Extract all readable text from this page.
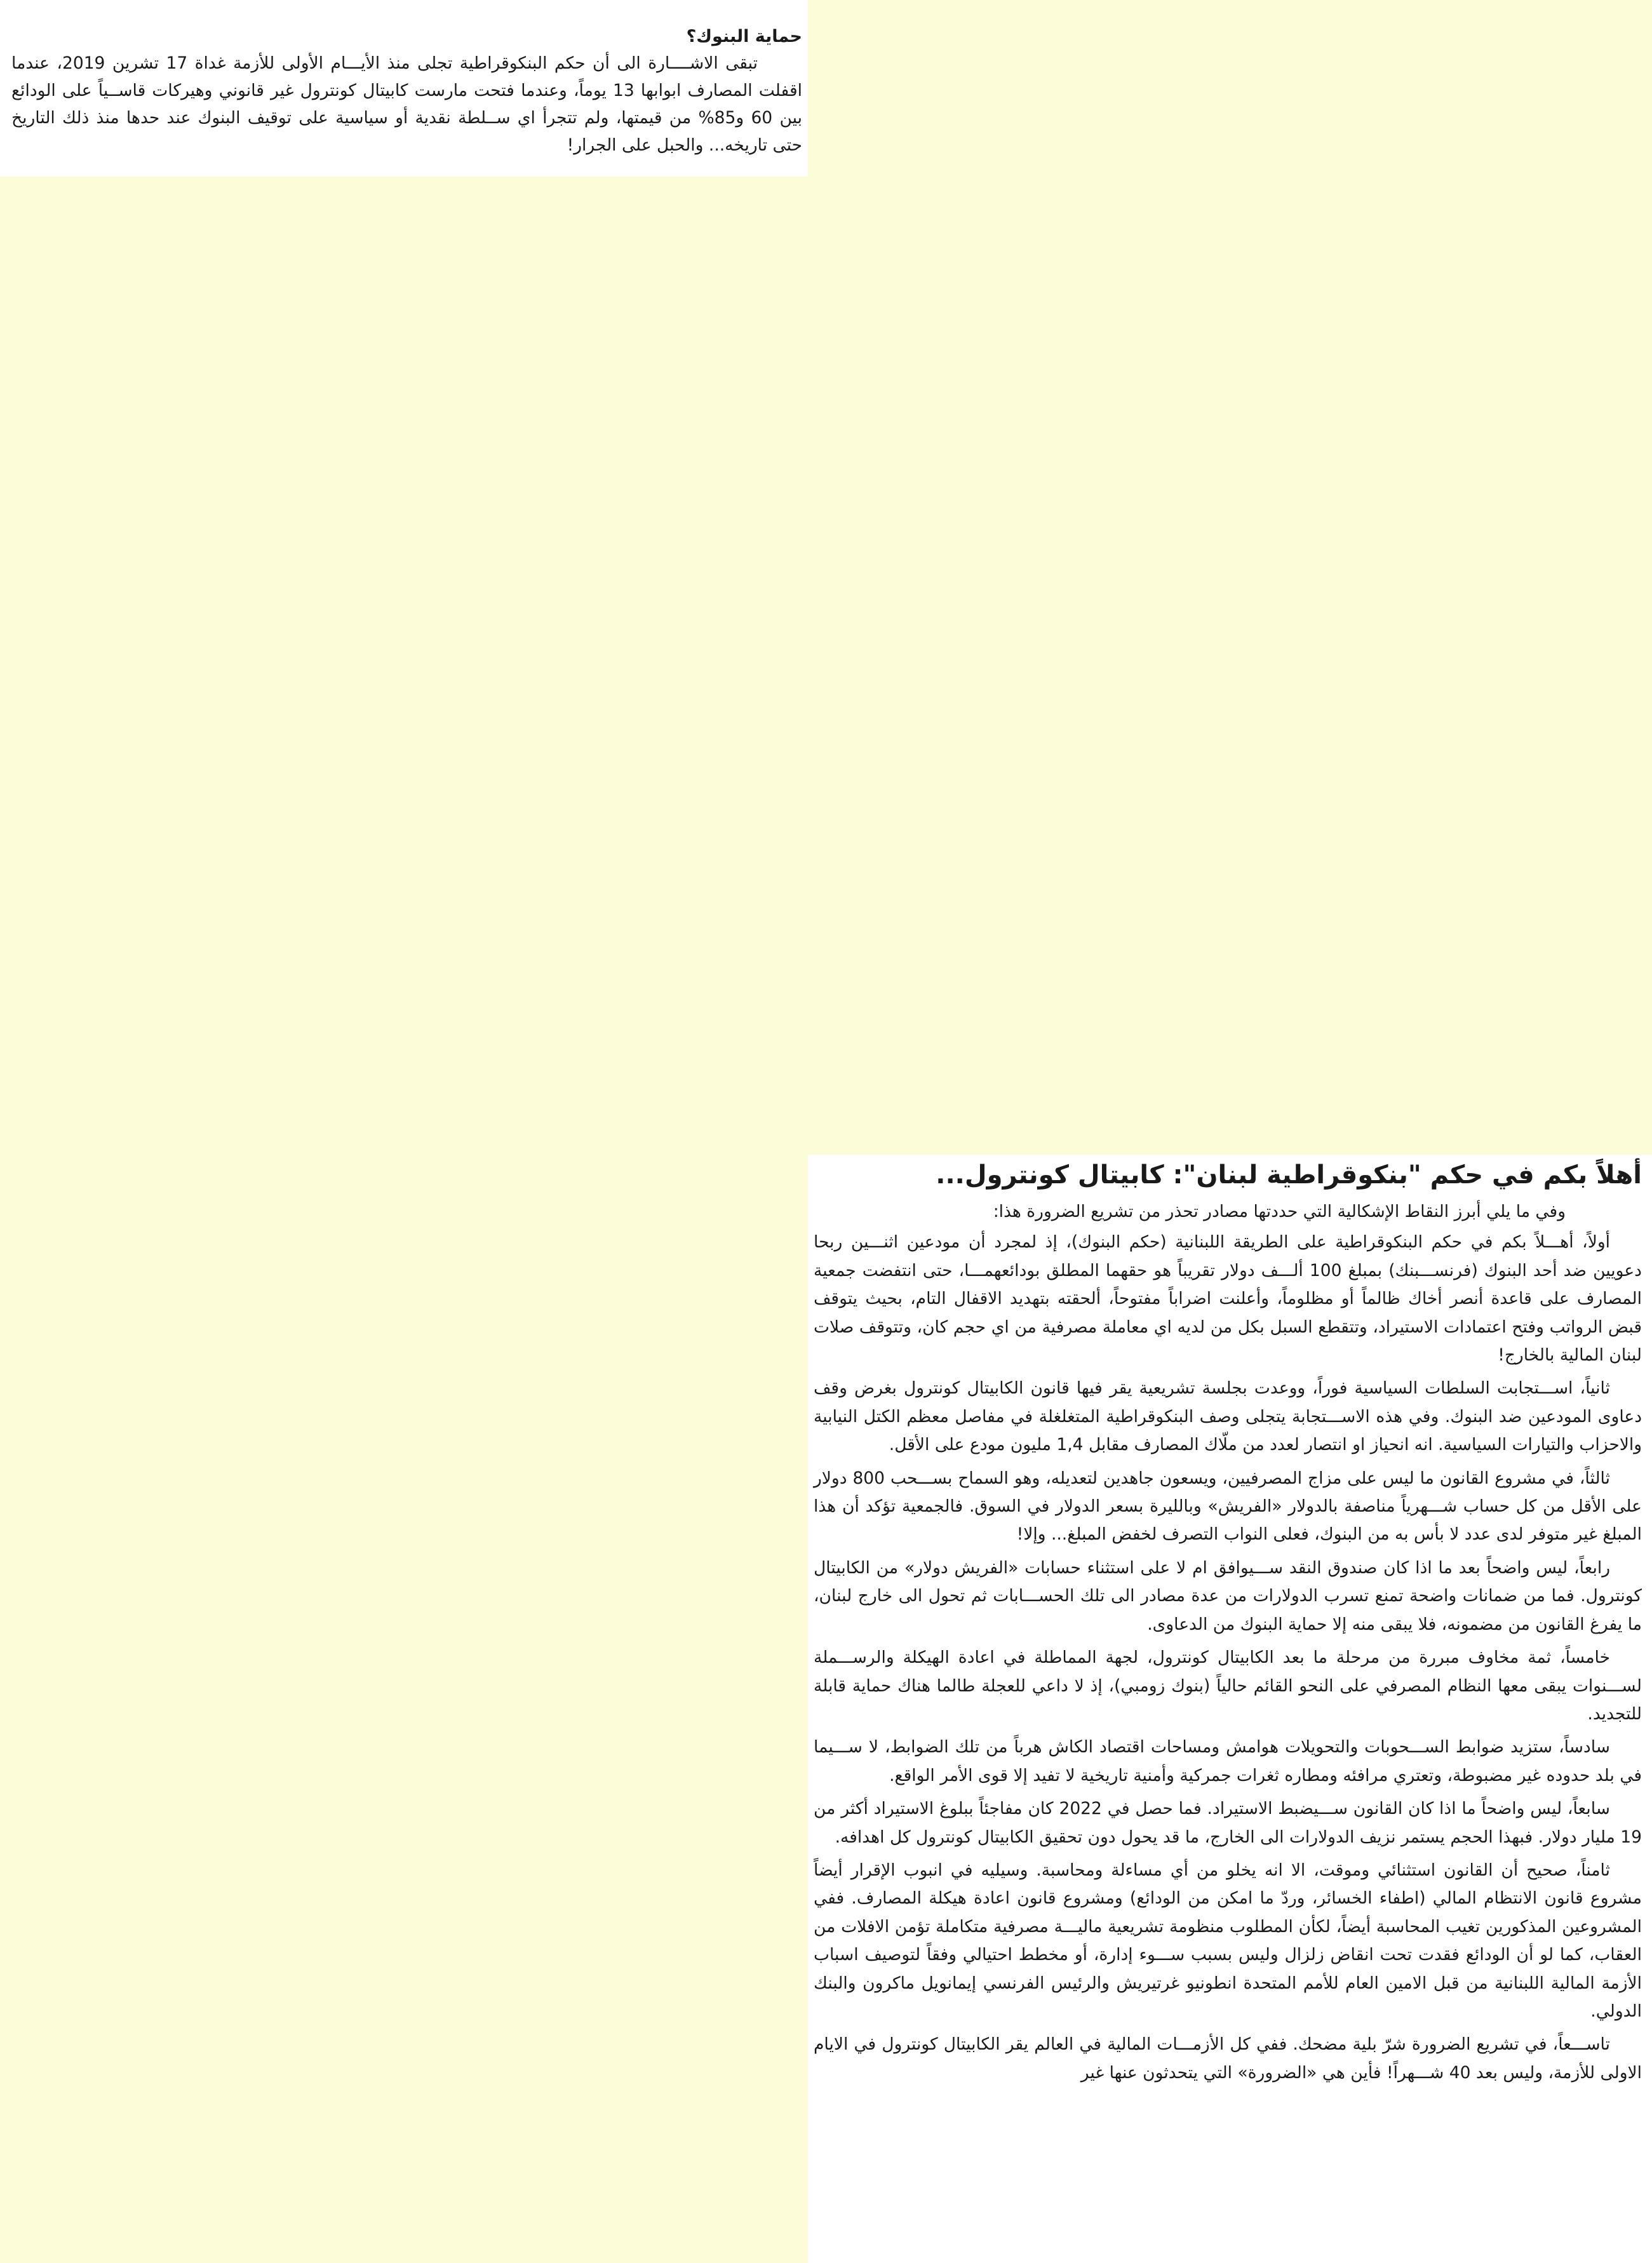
حماية البنوك؟

تبقى الاشــــارة الى أن حكم البنكوقراطية تجلى منذ الأيـــام الأولى للأزمة غداة 17 تشرين 2019، عندما اقفلت المصارف ابوابها 13 يوماً، وعندما فتحت مارست كابيتال كونترول غير قانوني وهيركات قاســياً على الودائع بين 60 و85% من قيمتها، ولم تتجرأ اي ســلطة نقدية أو سياسية على توقيف البنوك عند حدها منذ ذلك التاريخ حتى تاريخه... والحبل على الجرار!

أهلاً بكم في حكم "بنكوقراطية لبنان": كابيتال كونترول...

وفي ما يلي أبرز النقاط الإشكالية التي حددتها مصادر تحذر من تشريع الضرورة هذا:

أولاً، أهـــلاً بكم في حكم البنكوقراطية على الطريقة اللبنانية (حكم البنوك)، إذ لمجرد أن مودعين اثنـــين ربحا دعويين ضد أحد البنوك (فرنســـبنك) بمبلغ 100 ألـــف دولار تقريباً هو حقهما المطلق بودائعهمـــا، حتى انتفضت جمعية المصارف على قاعدة أنصر أخاك ظالماً أو مظلوماً، وأعلنت اضراباً مفتوحاً، ألحقته بتهديد الاقفال التام، بحيث يتوقف قبض الرواتب وفتح اعتمادات الاستيراد، وتتقطع السبل بكل من لديه اي معاملة مصرفية من اي حجم كان، وتتوقف صلات لبنان المالية بالخارج!

ثانياً، اســـتجابت السلطات السياسية فوراً، ووعدت بجلسة تشريعية يقر فيها قانون الكابيتال كونترول بغرض وقف دعاوى المودعين ضد البنوك. وفي هذه الاســـتجابة يتجلى وصف البنكوقراطية المتغلغلة في مفاصل معظم الكتل النيابية والاحزاب والتيارات السياسية. انه انحياز او انتصار لعدد من ملّاك المصارف مقابل 1,4 مليون مودع على الأقل.

ثالثاً، في مشروع القانون ما ليس على مزاج المصرفيين، ويسعون جاهدين لتعديله، وهو السماح بســـحب 800 دولار على الأقل من كل حساب شـــهرياً مناصفة بالدولار «الفريش» وبالليرة بسعر الدولار في السوق. فالجمعية تؤكد أن هذا المبلغ غير متوفر لدى عدد لا بأس به من البنوك، فعلى النواب التصرف لخفض المبلغ... وإلا!

رابعاً، ليس واضحاً بعد ما اذا كان صندوق النقد ســـيوافق ام لا على استثناء حسابات «الفريش دولار» من الكابيتال كونترول. فما من ضمانات واضحة تمنع تسرب الدولارات من عدة مصادر الى تلك الحســـابات ثم تحول الى خارج لبنان، ما يفرغ القانون من مضمونه، فلا يبقى منه إلا حماية البنوك من الدعاوى.

خامساً، ثمة مخاوف مبررة من مرحلة ما بعد الكابيتال كونترول، لجهة المماطلة في اعادة الهيكلة والرســـملة لســـنوات يبقى معها النظام المصرفي على النحو القائم حالياً (بنوك زومبي)، إذ لا داعي للعجلة طالما هناك حماية قابلة للتجديد.

سادساً، ستزيد ضوابط الســـحوبات والتحويلات هوامش ومساحات اقتصاد الكاش هرباً من تلك الضوابط، لا ســـيما في بلد حدوده غير مضبوطة، وتعتري مرافئه ومطاره ثغرات جمركية وأمنية تاريخية لا تفيد إلا قوى الأمر الواقع.

سابعاً، ليس واضحاً ما اذا كان القانون ســـيضبط الاستيراد. فما حصل في 2022 كان مفاجئاً ببلوغ الاستيراد أكثر من 19 مليار دولار. فبهذا الحجم يستمر نزيف الدولارات الى الخارج، ما قد يحول دون تحقيق الكابيتال كونترول كل اهدافه.

ثامناً، صحيح أن القانون استثنائي وموقت، الا انه يخلو من أي مساءلة ومحاسبة. وسيليه في انبوب الإقرار أيضاً مشروع قانون الانتظام المالي (اطفاء الخسائر، وردّ ما امكن من الودائع) ومشروع قانون اعادة هيكلة المصارف. ففي المشروعين المذكورين تغيب المحاسبة أيضاً، لكأن المطلوب منظومة تشريعية ماليـــة مصرفية متكاملة تؤمن الافلات من العقاب، كما لو أن الودائع فقدت تحت انقاض زلزال وليس بسبب ســـوء إدارة، أو مخطط احتيالي وفقاً لتوصيف اسباب الأزمة المالية اللبنانية من قبل الامين العام للأمم المتحدة انطونيو غرتيريش والرئيس الفرنسي إيمانويل ماكرون والبنك الدولي.

تاســـعاً، في تشريع الضرورة شرّ بلية مضحك. ففي كل الأزمـــات المالية في العالم يقر الكابيتال كونترول في الايام الاولى للأزمة، وليس بعد 40 شـــهراً! فأين هي «الضرورة» التي يتحدثون عنها غير
